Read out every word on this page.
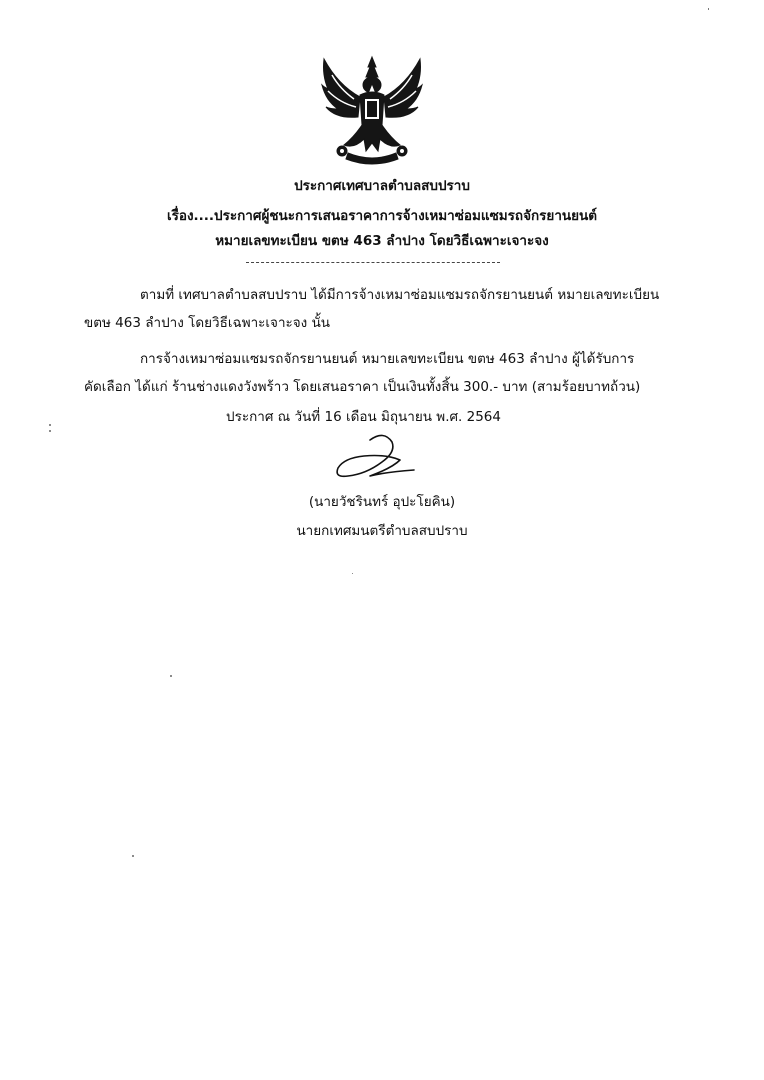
ประกาศเทศบาลตำบลสบปราบ
เรื่อง....ประกาศผู้ชนะการเสนอราคาการจ้างเหมาซ่อมแซมรถจักรยานยนต์
หมายเลขทะเบียน ขตษ 463 ลำปาง โดยวิธีเฉพาะเจาะจง
ตามที่ เทศบาลตำบลสบปราบ ได้มีการจ้างเหมาซ่อมแซมรถจักรยานยนต์ หมายเลขทะเบียน
ขตษ 463 ลำปาง โดยวิธีเฉพาะเจาะจง นั้น
การจ้างเหมาซ่อมแซมรถจักรยานยนต์ หมายเลขทะเบียน ขตษ 463 ลำปาง ผู้ได้รับการ
คัดเลือก ได้แก่ ร้านช่างแดงวังพร้าว โดยเสนอราคา เป็นเงินทั้งสิ้น 300.- บาท (สามร้อยบาทถ้วน)
ประกาศ ณ วันที่ 16 เดือน มิถุนายน พ.ศ. 2564
(นายวัชรินทร์ อุปะโยคิน)
นายกเทศมนตรีตำบลสบปราบ
